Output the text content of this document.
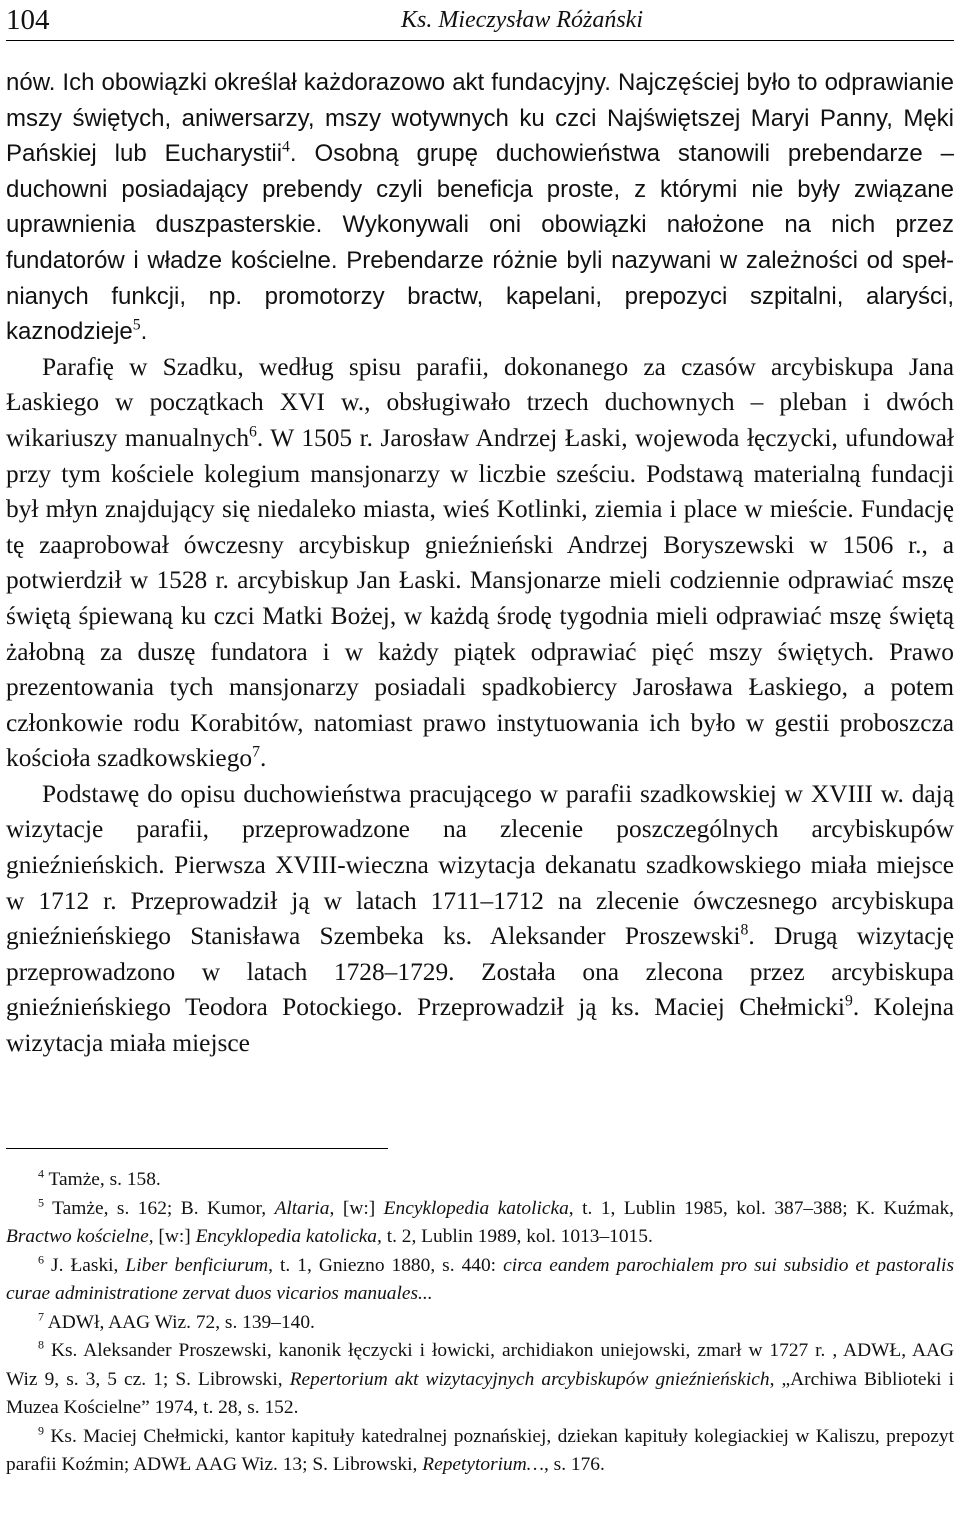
104	Ks. Mieczysław Różański

nów. Ich obowiązki określał każdorazowo akt fundacyjny. Najczęściej było to odprawianie mszy świętych, aniwersarzy, mszy wotywnych ku czci Najświętszej Maryi Panny, Męki Pańskiej lub Eucharystii$^4$. Osobną grupę duchowieństwa stanowili prebendarze – duchowni posiadający prebendy czyli beneficja proste, z którymi nie były związane uprawnienia duszpasterskie. Wykonywali oni obowiązki nałożone na nich przez fundatorów i władze kościelne. Prebendarze różnie byli nazywani w zależności od spełnianych funkcji, np. promotorzy bractw, kapelani, prepozyci szpitalni, alaryści, kaznodzieje$^5$.

Parafię w Szadku, według spisu parafii, dokonanego za czasów arcybiskupa Jana Łaskiego w początkach XVI w., obsługiwało trzech duchownych – pleban i dwóch wikariuszy manualnych$^6$. W 1505 r. Jarosław Andrzej Łaski, wojewoda łęczycki, ufundował przy tym kościele kolegium mansjonarzy w liczbie sześciu. Podstawą materialną fundacji był młyn znajdujący się niedaleko miasta, wieś Kotlinki, ziemia i place w mieście. Fundację tę zaaprobował ówczesny arcybiskup gnieźnieński Andrzej Boryszewski w 1506 r., a potwierdził w 1528 r. arcybiskup Jan Łaski. Mansjonarze mieli codziennie odprawiać mszę świętą śpiewaną ku czci Matki Bożej, w każdą środę tygodnia mieli odprawiać mszę świętą żałobną za duszę fundatora i w każdy piątek odprawiać pięć mszy świętych. Prawo prezentowania tych mansjonarzy posiadali spadkobiercy Jarosława Łaskiego, a potem członkowie rodu Korabitów, natomiast prawo instytuowania ich było w gestii proboszcza kościoła szadkowskiego$^7$.

Podstawę do opisu duchowieństwa pracującego w parafii szadkowskiej w XVIII w. dają wizytacje parafii, przeprowadzone na zlecenie poszczególnych arcybiskupów gnieźnieńskich. Pierwsza XVIII-wieczna wizytacja dekanatu szadkowskiego miała miejsce w 1712 r. Przeprowadził ją w latach 1711–1712 na zlecenie ówczesnego arcybiskupa gnieźnieńskiego Stanisława Szembeka ks. Aleksander Proszewski$^8$. Drugą wizytację przeprowadzono w latach 1728–1729. Została ona zlecona przez arcybiskupa gnieźnieńskiego Teodora Potockiego. Przeprowadził ją ks. Maciej Chełmicki$^9$. Kolejna wizytacja miała miejsce

$^4$ Tamże, s. 158.

$^5$ Tamże, s. 162; B. Kumor, Altaria, [w:] Encyklopedia katolicka, t. 1, Lublin 1985, kol. 387–388; K. Kuźmak, Bractwo kościelne, [w:] Encyklopedia katolicka, t. 2, Lublin 1989, kol. 1013–1015.

$^6$ J. Łaski, Liber benficiurum, t. 1, Gniezno 1880, s. 440: circa eandem parochialem pro sui subsidio et pastoralis curae administratione zervat duos vicarios manuales...

$^7$ ADWł, AAG Wiz. 72, s. 139–140.

$^8$ Ks. Aleksander Proszewski, kanonik łęczycki i łowicki, archidiakon uniejowski, zmarł w 1727 r. , ADWŁ, AAG Wiz 9, s. 3, 5 cz. 1; S. Librowski, Repertorium akt wizytacyjnych arcybiskupów gnieźnieńskich, „Archiwa Biblioteki i Muzea Kościelne” 1974, t. 28, s. 152.

$^9$ Ks. Maciej Chełmicki, kantor kapituły katedralnej poznańskiej, dziekan kapituły kolegiackiej w Kaliszu, prepozyt parafii Koźmin; ADWŁ AAG Wiz. 13; S. Librowski, Repetytorium…, s. 176.
